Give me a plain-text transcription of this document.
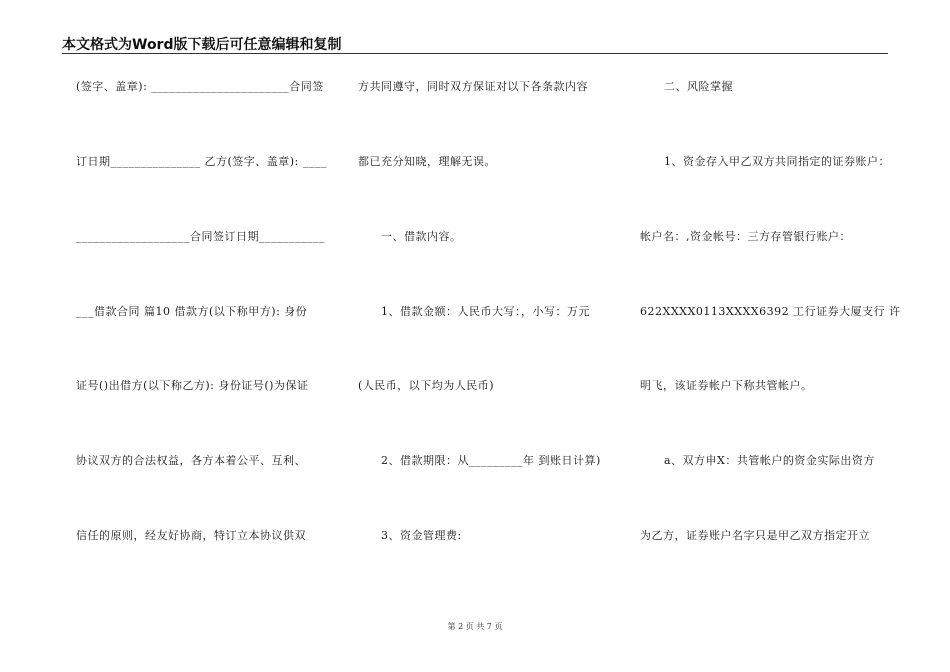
本文格式为Word版下载后可任意编辑和复制
(签字、盖章): _______________________合同签
订日期_______________ 乙方(签字、盖章): ____
___________________合同签订日期___________
___借款合同 篇10 借款方(以下称甲方): 身份
证号()出借方(以下称乙方): 身份证号()为保证
协议双方的合法权益，各方本着公平、互利、
信任的原则，经友好协商，特订立本协议供双
方共同遵守，同时双方保证对以下各条款内容
都已充分知晓，理解无误。
一、借款内容。
1、借款金额：人民币大写：，小写：万元
(人民币，以下均为人民币)
2、借款期限：从_________年 到账日计算)
3、资金管理费:
二、风险掌握
1、资金存入甲乙双方共同指定的证券账户：
帐户名：,资金帐号：三方存管银行账户：
622XXXX0113XXXX6392 工行证券大厦支行 许
明飞，该证券帐户下称共管帐户。
a、双方申X：共管帐户的资金实际出资方
为乙方，证券账户名字只是甲乙双方指定开立
第 2 页 共 7 页
